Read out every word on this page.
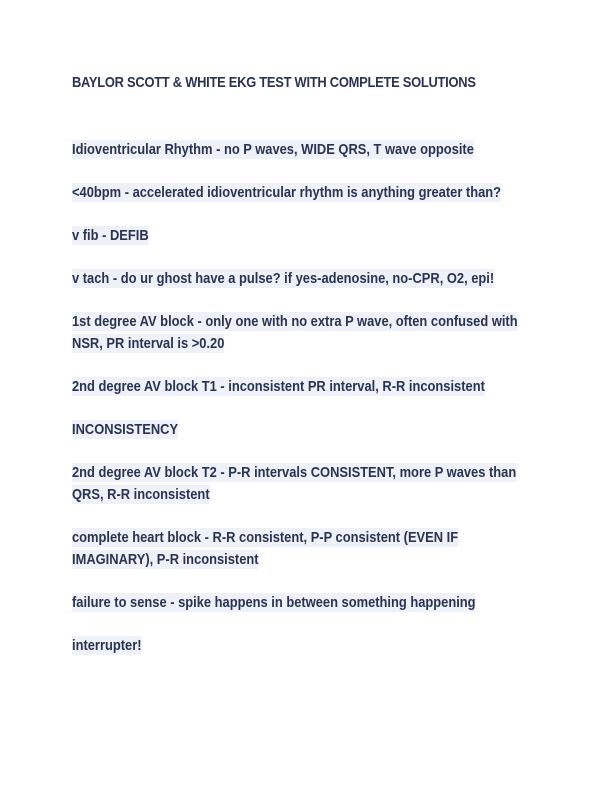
BAYLOR SCOTT & WHITE EKG TEST WITH COMPLETE SOLUTIONS

Idioventricular Rhythm - no P waves, WIDE QRS, T wave opposite

<40bpm - accelerated idioventricular rhythm is anything greater than?

v fib - DEFIB

v tach - do ur ghost have a pulse? if yes-adenosine, no-CPR, O2, epi!

1st degree AV block - only one with no extra P wave, often confused with NSR, PR interval is >0.20

2nd degree AV block T1 - inconsistent PR interval, R-R inconsistent

INCONSISTENCY

2nd degree AV block T2 - P-R intervals CONSISTENT, more P waves than QRS, R-R inconsistent

complete heart block - R-R consistent, P-P consistent (EVEN IF IMAGINARY), P-R inconsistent

failure to sense - spike happens in between something happening

interrupter!
